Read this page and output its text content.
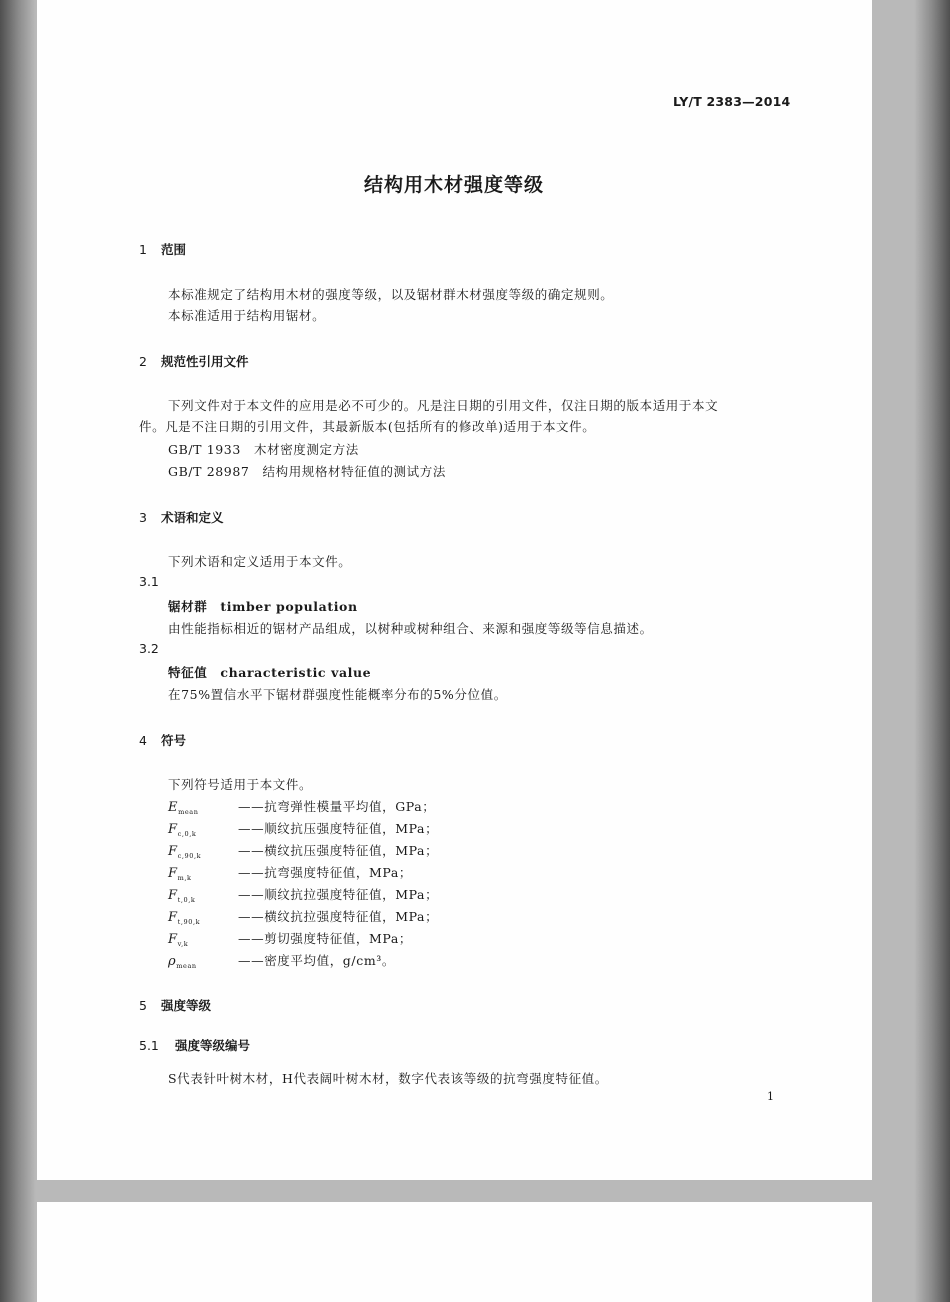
LY/T 2383—2014
结构用木材强度等级
1 范围
本标准规定了结构用木材的强度等级，以及锯材群木材强度等级的确定规则。
本标准适用于结构用锯材。
2 规范性引用文件
下列文件对于本文件的应用是必不可少的。凡是注日期的引用文件，仅注日期的版本适用于本文
件。凡是不注日期的引用文件，其最新版本(包括所有的修改单)适用于本文件。
GB/T 1933　木材密度测定方法
GB/T 28987　结构用规格材特征值的测试方法
3 术语和定义
下列术语和定义适用于本文件。
3.1
锯材群　timber population
由性能指标相近的锯材产品组成，以树种或树种组合、来源和强度等级等信息描述。
3.2
特征值　characteristic value
在75%置信水平下锯材群强度性能概率分布的5%分位值。
4 符号
下列符号适用于本文件。
$E_{mean}$	——抗弯弹性模量平均值，GPa；
$F_{c,0,k}$	——顺纹抗压强度特征值，MPa；
$F_{c,90,k}$	——横纹抗压强度特征值，MPa；
$F_{m,k}$	——抗弯强度特征值，MPa；
$F_{t,0,k}$	——顺纹抗拉强度特征值，MPa；
$F_{t,90,k}$	——横纹抗拉强度特征值，MPa；
$F_{v,k}$	——剪切强度特征值，MPa；
$\rho_{mean}$	——密度平均值，g/cm³。
5 强度等级
5.1 强度等级编号
S代表针叶树木材，H代表阔叶树木材，数字代表该等级的抗弯强度特征值。
1
